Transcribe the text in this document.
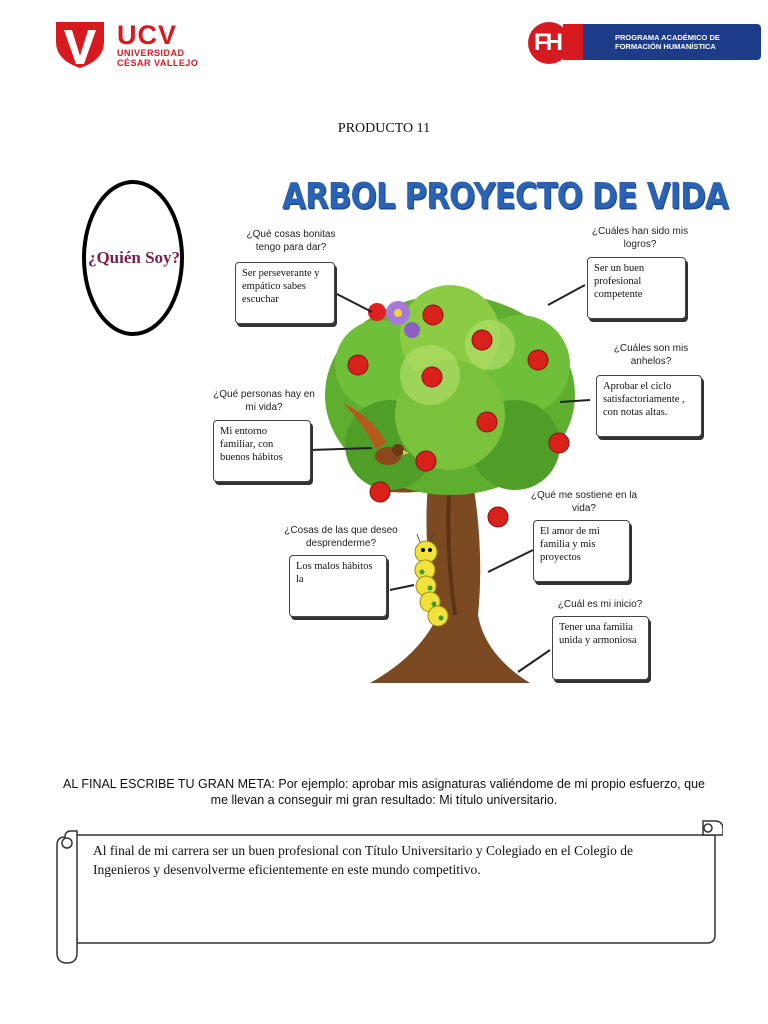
UCV
UNIVERSIDAD
CÉSAR VALLEJO
FH	PROGRAMA ACADÉMICO DE
FORMACIÓN HUMANÍSTICA
PRODUCTO 11
¿Quién Soy?
ARBOL PROYECTO DE VIDA
¿Qué cosas bonitas
tengo para dar?
Ser perseverante y empático sabes escuchar
¿Cuáles han sido mis
logros?
Ser un buen profesional competente
¿Cuáles son mis
anhelos?
Aprobar el ciclo satisfactoriamente , con notas altas.
¿Qué personas hay en
mi vida?
Mi entorno familiar, con buenos hábitos
¿Qué me sostiene en la
vida?
El amor de mi familia y mis proyectos
¿Cosas de las que deseo
desprenderme?
Los malos hábitos la
¿Cuál es mi inicio?
Tener una familia unida y armoniosa
AL FINAL ESCRIBE TU GRAN META: Por ejemplo: aprobar mis asignaturas valiéndome de mi propio esfuerzo, que me llevan a conseguir mi gran resultado: Mi título universitario.
Al final de mi carrera ser un buen profesional con Título Universitario y Colegiado en el Colegio de Ingenieros y desenvolverme eficientemente en este mundo competitivo.
